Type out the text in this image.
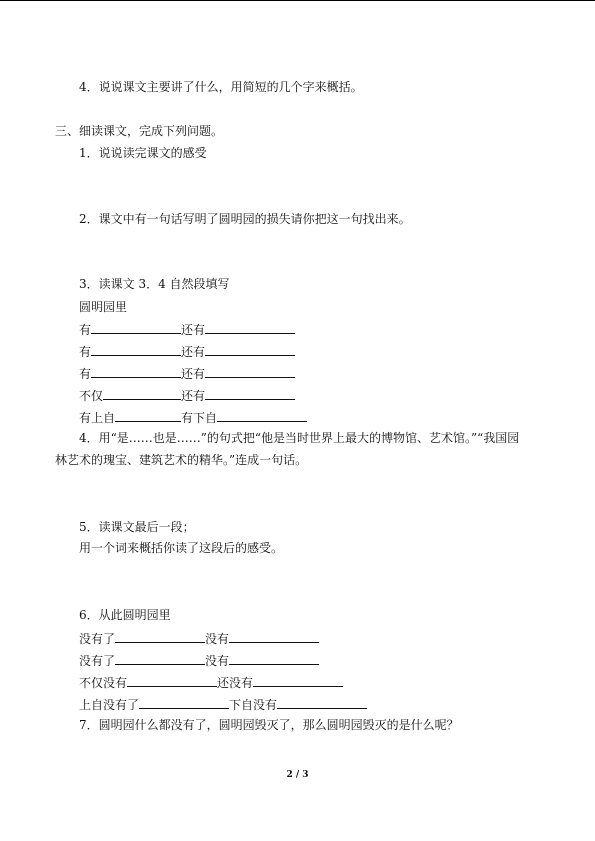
4．说说课文主要讲了什么，用简短的几个字来概括。
三、细读课文，完成下列问题。
1．说说读完课文的感受
2．课文中有一句话写明了圆明园的损失请你把这一句找出来。
3．读课文 3．4 自然段填写
圆明园里
有	还有
有	还有
有	还有
不仅	还有
有上自	有下自
4．用“是……也是……”的句式把“他是当时世界上最大的博物馆、艺术馆。”“我国园
林艺术的瑰宝、建筑艺术的精华。”连成一句话。
5．读课文最后一段；
用一个词来概括你读了这段后的感受。
6．从此圆明园里
没有了	没有
没有了	没有
不仅没有	还没有
上自没有了	下自没有
7．圆明园什么都没有了，圆明园毁灭了，那么圆明园毁灭的是什么呢？
2 / 3
